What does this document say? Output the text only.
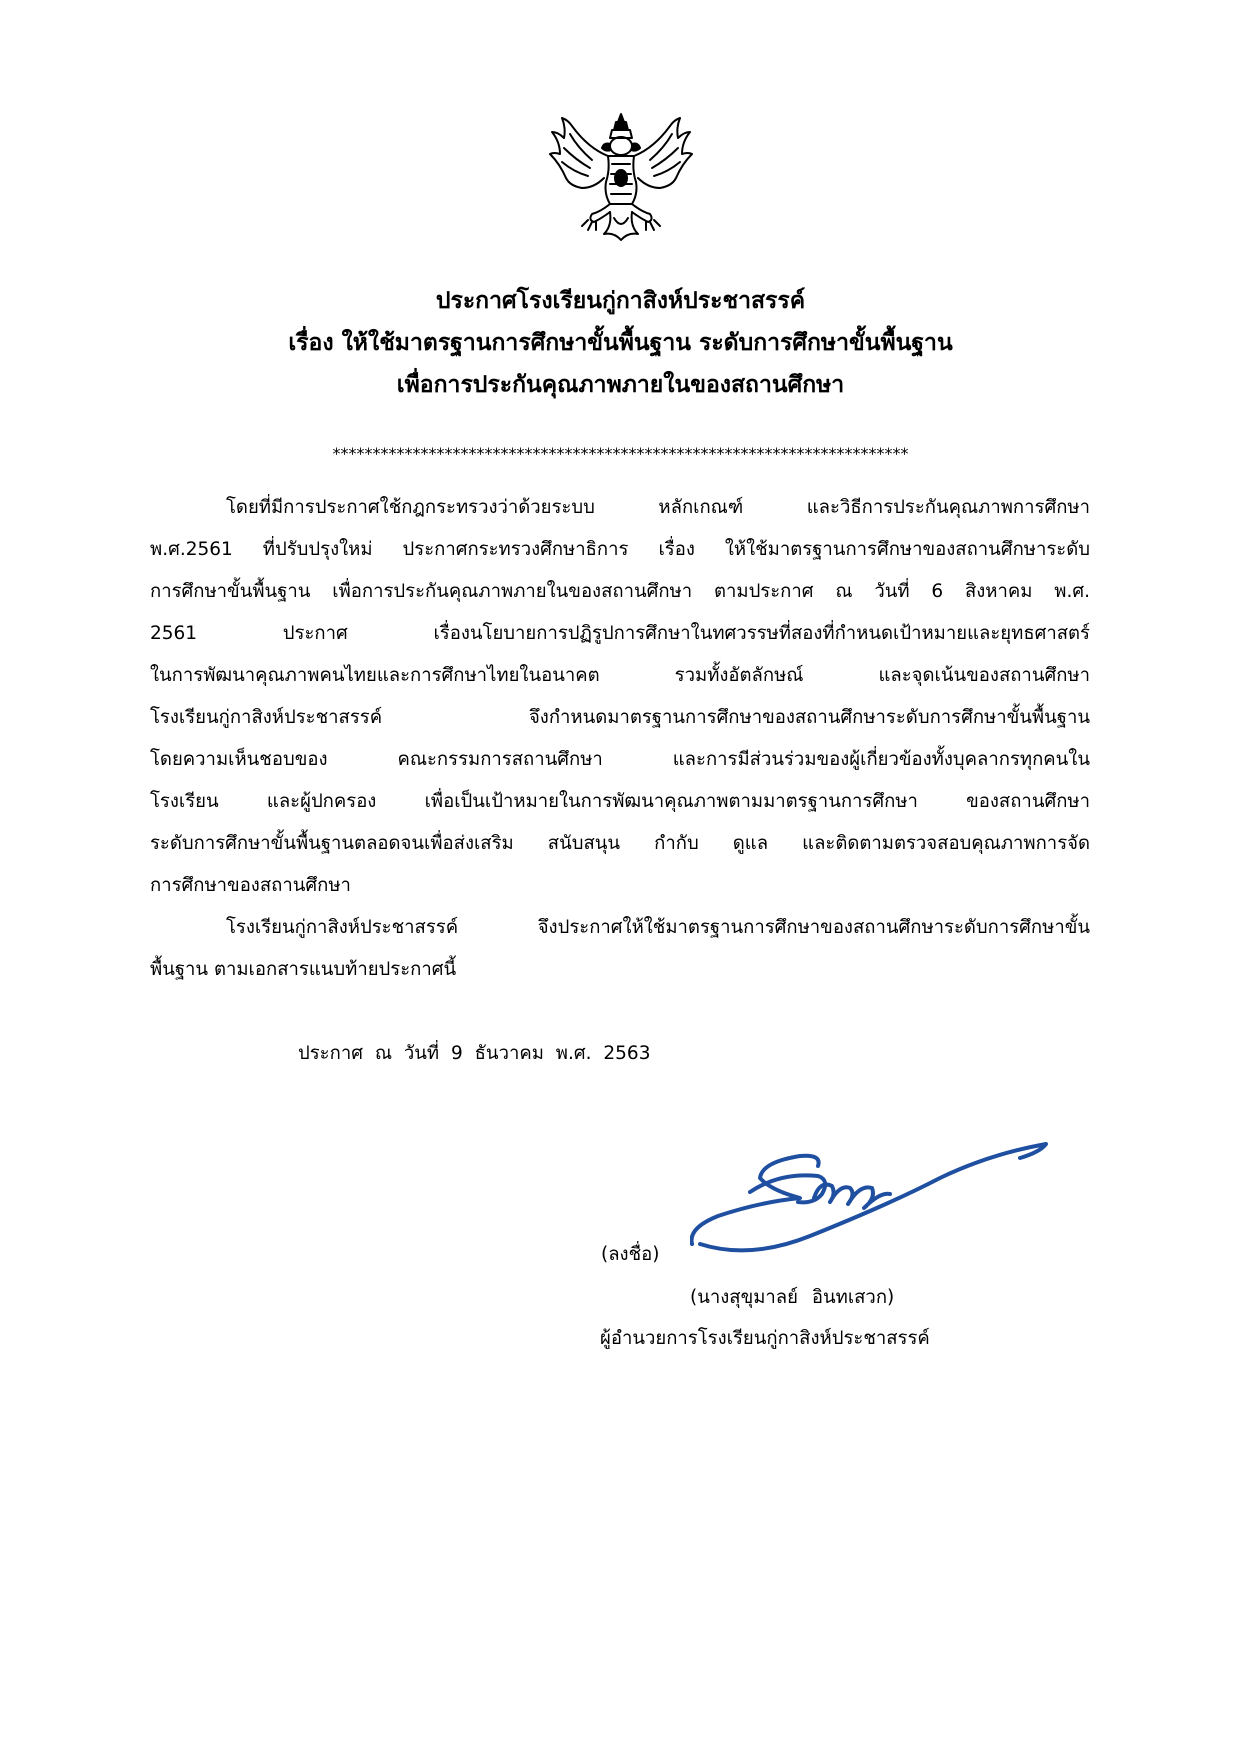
ประกาศโรงเรียนกู่กาสิงห์ประชาสรรค์
เรื่อง ให้ใช้มาตรฐานการศึกษาขั้นพื้นฐาน ระดับการศึกษาขั้นพื้นฐาน
เพื่อการประกันคุณภาพภายในของสถานศึกษา
************************************************************************
โดยที่มีการประกาศใช้กฎกระทรวงว่าด้วยระบบ หลักเกณฑ์ และวิธีการประกันคุณภาพการศึกษา
พ.ศ.2561 ที่ปรับปรุงใหม่ ประกาศกระทรวงศึกษาธิการ เรื่อง ให้ใช้มาตรฐานการศึกษาของสถานศึกษาระดับ
การศึกษาขั้นพื้นฐาน เพื่อการประกันคุณภาพภายในของสถานศึกษา ตามประกาศ ณ วันที่ 6 สิงหาคม พ.ศ.
2561 ประกาศ เรื่องนโยบายการปฏิรูปการศึกษาในทศวรรษที่สองที่กำหนดเป้าหมายและยุทธศาสตร์
ในการพัฒนาคุณภาพคนไทยและการศึกษาไทยในอนาคต รวมทั้งอัตลักษณ์ และจุดเน้นของสถานศึกษา
โรงเรียนกู่กาสิงห์ประชาสรรค์ จึงกำหนดมาตรฐานการศึกษาของสถานศึกษาระดับการศึกษาขั้นพื้นฐาน
โดยความเห็นชอบของ คณะกรรมการสถานศึกษา และการมีส่วนร่วมของผู้เกี่ยวข้องทั้งบุคลากรทุกคนใน
โรงเรียน และผู้ปกครอง เพื่อเป็นเป้าหมายในการพัฒนาคุณภาพตามมาตรฐานการศึกษา ของสถานศึกษา
ระดับการศึกษาขั้นพื้นฐานตลอดจนเพื่อส่งเสริม สนับสนุน กำกับ ดูแล และติดตามตรวจสอบคุณภาพการจัด
การศึกษาของสถานศึกษา
โรงเรียนกู่กาสิงห์ประชาสรรค์ จึงประกาศให้ใช้มาตรฐานการศึกษาของสถานศึกษาระดับการศึกษาขั้น
พื้นฐาน ตามเอกสารแนบท้ายประกาศนี้
ประกาศ ณ วันที่ 9 ธันวาคม พ.ศ. 2563
(ลงชื่อ)
(นางสุขุมาลย์ อินทเสวก)
ผู้อำนวยการโรงเรียนกู่กาสิงห์ประชาสรรค์
